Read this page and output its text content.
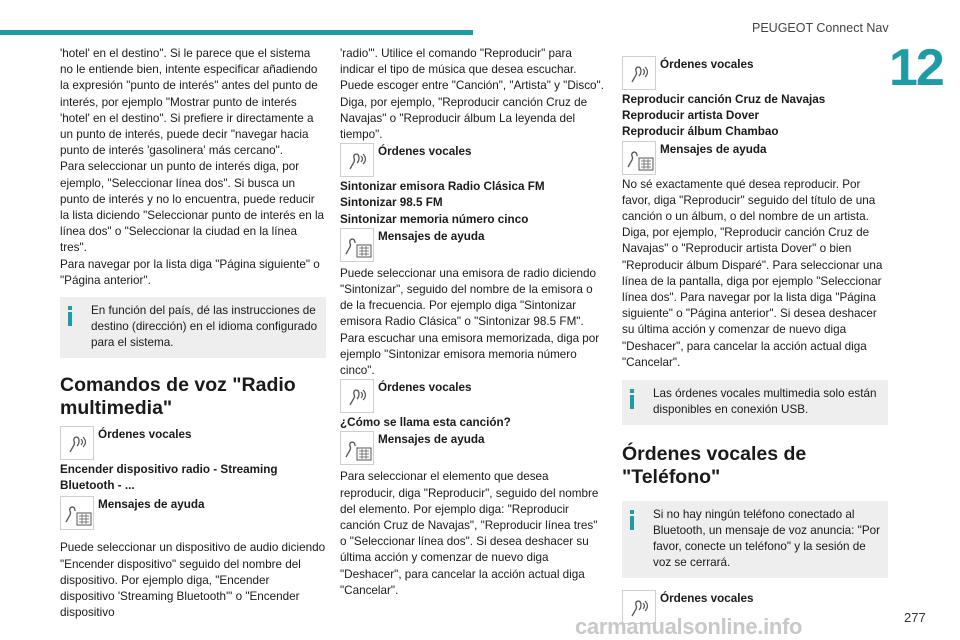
PEUGEOT Connect Nav
12

'hotel' en el destino". Si le parece que el sistema no le entiende bien, intente especificar añadiendo la expresión "punto de interés" antes del punto de interés, por ejemplo "Mostrar punto de interés 'hotel' en el destino". Si prefiere ir directamente a un punto de interés, puede decir "navegar hacia punto de interés 'gasolinera' más cercano".

Para seleccionar un punto de interés diga, por ejemplo, "Seleccionar línea dos". Si busca un punto de interés y no lo encuentra, puede reducir la lista diciendo "Seleccionar punto de interés en la línea dos" o "Seleccionar la ciudad en la línea tres".

Para navegar por la lista diga "Página siguiente" o "Página anterior".

En función del país, dé las instrucciones de destino (dirección) en el idioma configurado para el sistema.
Comandos de voz "Radio multimedia"
Órdenes vocales

Encender dispositivo radio - Streaming Bluetooth - ...

Mensajes de ayuda

Puede seleccionar un dispositivo de audio diciendo "Encender dispositivo" seguido del nombre del dispositivo. Por ejemplo diga, "Encender dispositivo 'Streaming Bluetooth'" o "Encender dispositivo

'radio'". Utilice el comando "Reproducir" para indicar el tipo de música que desea escuchar. Puede escoger entre "Canción", "Artista" y "Disco". Diga, por ejemplo, "Reproducir canción Cruz de Navajas" o "Reproducir álbum La leyenda del tiempo".

Órdenes vocales

Sintonizar emisora Radio Clásica FM

Sintonizar 98.5 FM

Sintonizar memoria número cinco

Mensajes de ayuda

Puede seleccionar una emisora de radio diciendo "Sintonizar", seguido del nombre de la emisora o de la frecuencia. Por ejemplo diga "Sintonizar emisora Radio Clásica" o "Sintonizar 98.5 FM". Para escuchar una emisora memorizada, diga por ejemplo "Sintonizar emisora memoria número cinco".

Órdenes vocales

¿Cómo se llama esta canción?

Mensajes de ayuda

Para seleccionar el elemento que desea reproducir, diga "Reproducir", seguido del nombre del elemento. Por ejemplo diga: "Reproducir canción Cruz de Navajas", "Reproducir línea tres" o "Seleccionar línea dos". Si desea deshacer su última acción y comenzar de nuevo diga "Deshacer", para cancelar la acción actual diga "Cancelar".

Órdenes vocales

Reproducir canción Cruz de Navajas

Reproducir artista Dover

Reproducir álbum Chambao

Mensajes de ayuda

No sé exactamente qué desea reproducir. Por favor, diga "Reproducir" seguido del título de una canción o un álbum, o del nombre de un artista. Diga, por ejemplo, "Reproducir canción Cruz de Navajas" o "Reproducir artista Dover" o bien "Reproducir álbum Disparé". Para seleccionar una línea de la pantalla, diga por ejemplo "Seleccionar línea dos". Para navegar por la lista diga "Página siguiente" o "Página anterior". Si desea deshacer su última acción y comenzar de nuevo diga "Deshacer", para cancelar la acción actual diga "Cancelar".

Las órdenes vocales multimedia solo están disponibles en conexión USB.
Órdenes vocales de "Teléfono"
Si no hay ningún teléfono conectado al Bluetooth, un mensaje de voz anuncia: "Por favor, conecte un teléfono" y la sesión de voz se cerrará.
Órdenes vocales
carmanualsonline.info	277
